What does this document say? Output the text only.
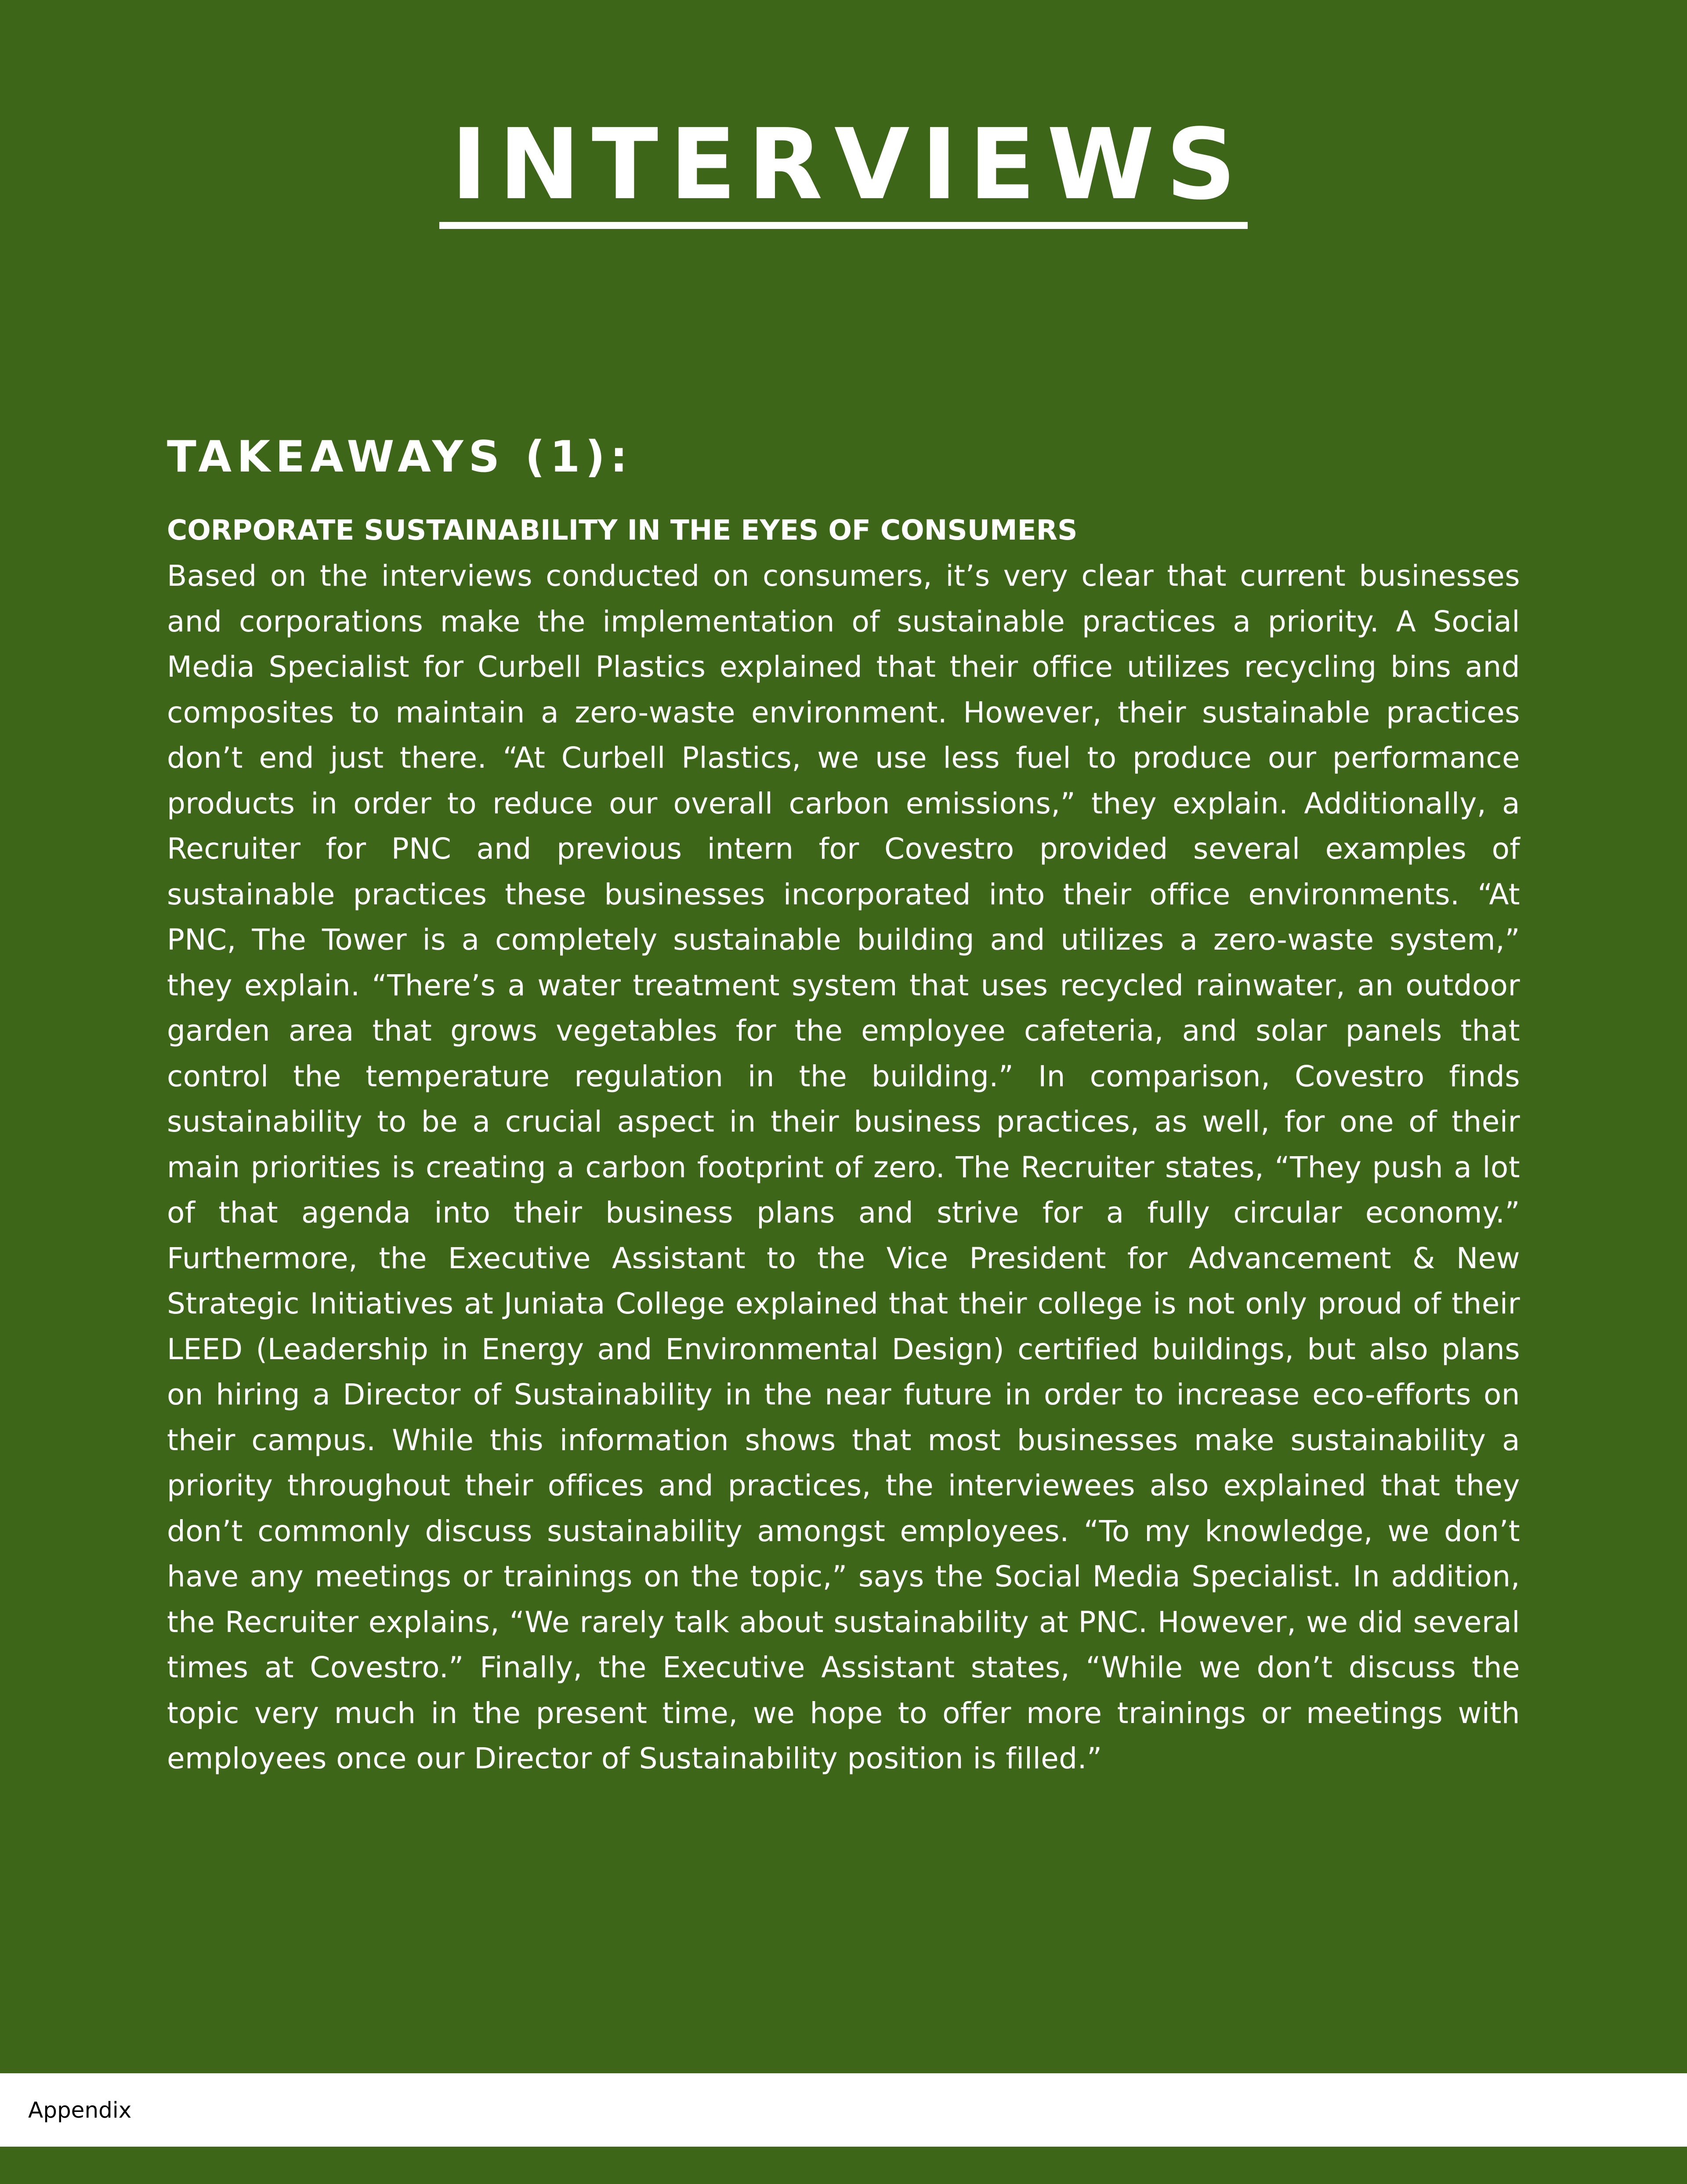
INTERVIEWS
TAKEAWAYS (1):
CORPORATE SUSTAINABILITY IN THE EYES OF CONSUMERS
Based on the interviews conducted on consumers, it’s very clear that current businesses and corporations make the implementation of sustainable practices a priority. A Social Media Specialist for Curbell Plastics explained that their office utilizes recycling bins and composites to maintain a zero-waste environment. However, their sustainable practices don’t end just there. “At Curbell Plastics, we use less fuel to produce our performance products in order to reduce our overall carbon emissions,” they explain. Additionally, a Recruiter for PNC and previous intern for Covestro provided several examples of sustainable practices these businesses incorporated into their office environments. “At PNC, The Tower is a completely sustainable building and utilizes a zero-waste system,” they explain. “There’s a water treatment system that uses recycled rainwater, an outdoor garden area that grows vegetables for the employee cafeteria, and solar panels that control the temperature regulation in the building.” In comparison, Covestro finds sustainability to be a crucial aspect in their business practices, as well, for one of their main priorities is creating a carbon footprint of zero. The Recruiter states, “They push a lot of that agenda into their business plans and strive for a fully circular economy.” Furthermore, the Executive Assistant to the Vice President for Advancement & New Strategic Initiatives at Juniata College explained that their college is not only proud of their LEED (Leadership in Energy and Environmental Design) certified buildings, but also plans on hiring a Director of Sustainability in the near future in order to increase eco-efforts on their campus. While this information shows that most businesses make sustainability a priority throughout their offices and practices, the interviewees also explained that they don’t commonly discuss sustainability amongst employees. “To my knowledge, we don’t have any meetings or trainings on the topic,” says the Social Media Specialist. In addition, the Recruiter explains, “We rarely talk about sustainability at PNC. However, we did several times at Covestro.” Finally, the Executive Assistant states, “While we don’t discuss the topic very much in the present time, we hope to offer more trainings or meetings with employees once our Director of Sustainability position is filled.”
Appendix
